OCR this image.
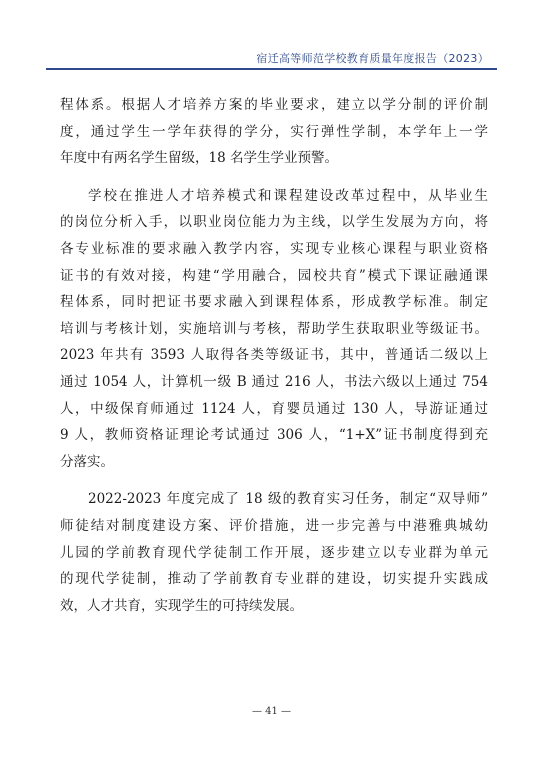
宿迁高等师范学校教育质量年度报告（2023）
程体系。根据人才培养方案的毕业要求，建立以学分制的评价制
度，通过学生一学年获得的学分，实行弹性学制，本学年上一学
年度中有两名学生留级，18 名学生学业预警。
学校在推进人才培养模式和课程建设改革过程中，从毕业生
的岗位分析入手，以职业岗位能力为主线，以学生发展为方向，将
各专业标准的要求融入教学内容，实现专业核心课程与职业资格
证书的有效对接，构建“学用融合，园校共育”模式下课证融通课
程体系，同时把证书要求融入到课程体系，形成教学标准。制定
培训与考核计划，实施培训与考核，帮助学生获取职业等级证书。
2023 年共有 3593 人取得各类等级证书，其中，普通话二级以上
通过 1054 人，计算机一级 B 通过 216 人，书法六级以上通过 754
人，中级保育师通过 1124 人，育婴员通过 130 人，导游证通过
9 人，教师资格证理论考试通过 306 人，“1+X”证书制度得到充
分落实。
2022-2023 年度完成了 18 级的教育实习任务，制定“双导师”
师徒结对制度建设方案、评价措施，进一步完善与中港雅典城幼
儿园的学前教育现代学徒制工作开展，逐步建立以专业群为单元
的现代学徒制，推动了学前教育专业群的建设，切实提升实践成
效，人才共育，实现学生的可持续发展。
— 41 —
